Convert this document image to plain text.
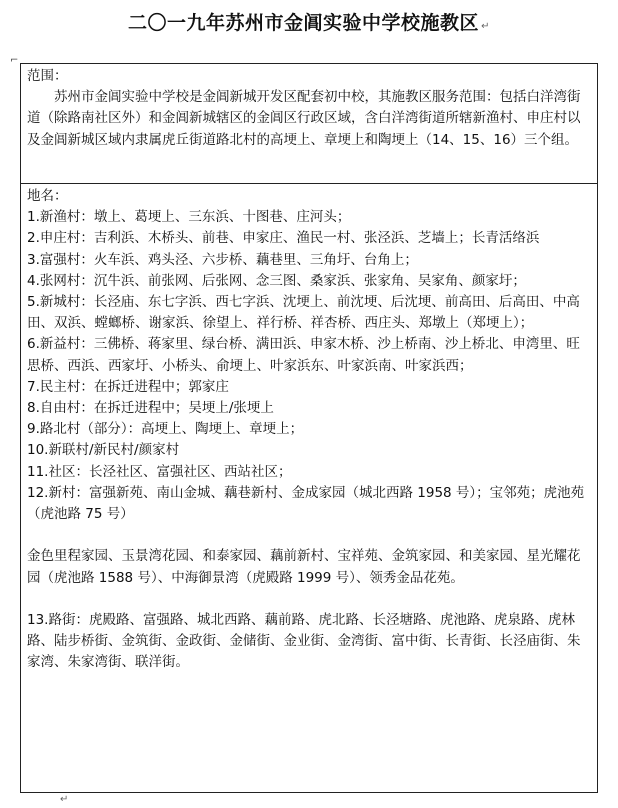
二〇一九年苏州市金阊实验中学校施教区 ↵
⌐

范围：

苏州市金阊实验中学校是金阊新城开发区配套初中校，其施教区服务范围：包括白洋湾街道（除路南社区外）和金阊新城辖区的金阊区行政区域，含白洋湾街道所辖新渔村、申庄村以及金阊新城区域内隶属虎丘街道路北村的高埂上、章埂上和陶埂上（14、15、16）三个组。

地名：

1.新渔村：墩上、葛埂上、三东浜、十图巷、庄河头；

2.申庄村：吉利浜、木桥头、前巷、申家庄、渔民一村、张泾浜、芝墙上；长青活络浜

3.富强村：火车浜、鸡头泾、六步桥、藕巷里、三角圩、台角上；

4.张网村：沉牛浜、前张网、后张网、念三图、桑家浜、张家角、吴家角、颜家圩；

5.新城村：长泾庙、东七字浜、西七字浜、沈埂上、前沈埂、后沈埂、前高田、后高田、中高田、双浜、螳螂桥、谢家浜、徐望上、祥行桥、祥杏桥、西庄头、郑墩上（郑埂上）；

6.新益村：三佛桥、蒋家里、绿台桥、满田浜、申家木桥、沙上桥南、沙上桥北、申湾里、旺思桥、西浜、西家圩、小桥头、俞埂上、叶家浜东、叶家浜南、叶家浜西；

7.民主村：在拆迁进程中；郭家庄

8.自由村：在拆迁进程中；吴埂上/张埂上

9.路北村（部分）：高埂上、陶埂上、章埂上；

10.新联村/新民村/颜家村

11.社区：长泾社区、富强社区、西站社区；

12.新村：富强新苑、南山金城、藕巷新村、金成家园（城北西路 1958 号）；宝邻苑；虎池苑（虎池路 75 号）

金色里程家园、玉景湾花园、和泰家园、藕前新村、宝祥苑、金筑家园、和美家园、星光耀花园（虎池路 1588 号）、中海御景湾（虎殿路 1999 号）、领秀金品花苑。

13.路街：虎殿路、富强路、城北西路、藕前路、虎北路、长泾塘路、虎池路、虎泉路、虎林路、陆步桥街、金筑街、金政街、金储街、金业街、金湾街、富中街、长青街、长泾庙街、朱家湾、朱家湾街、联洋街。

↵
